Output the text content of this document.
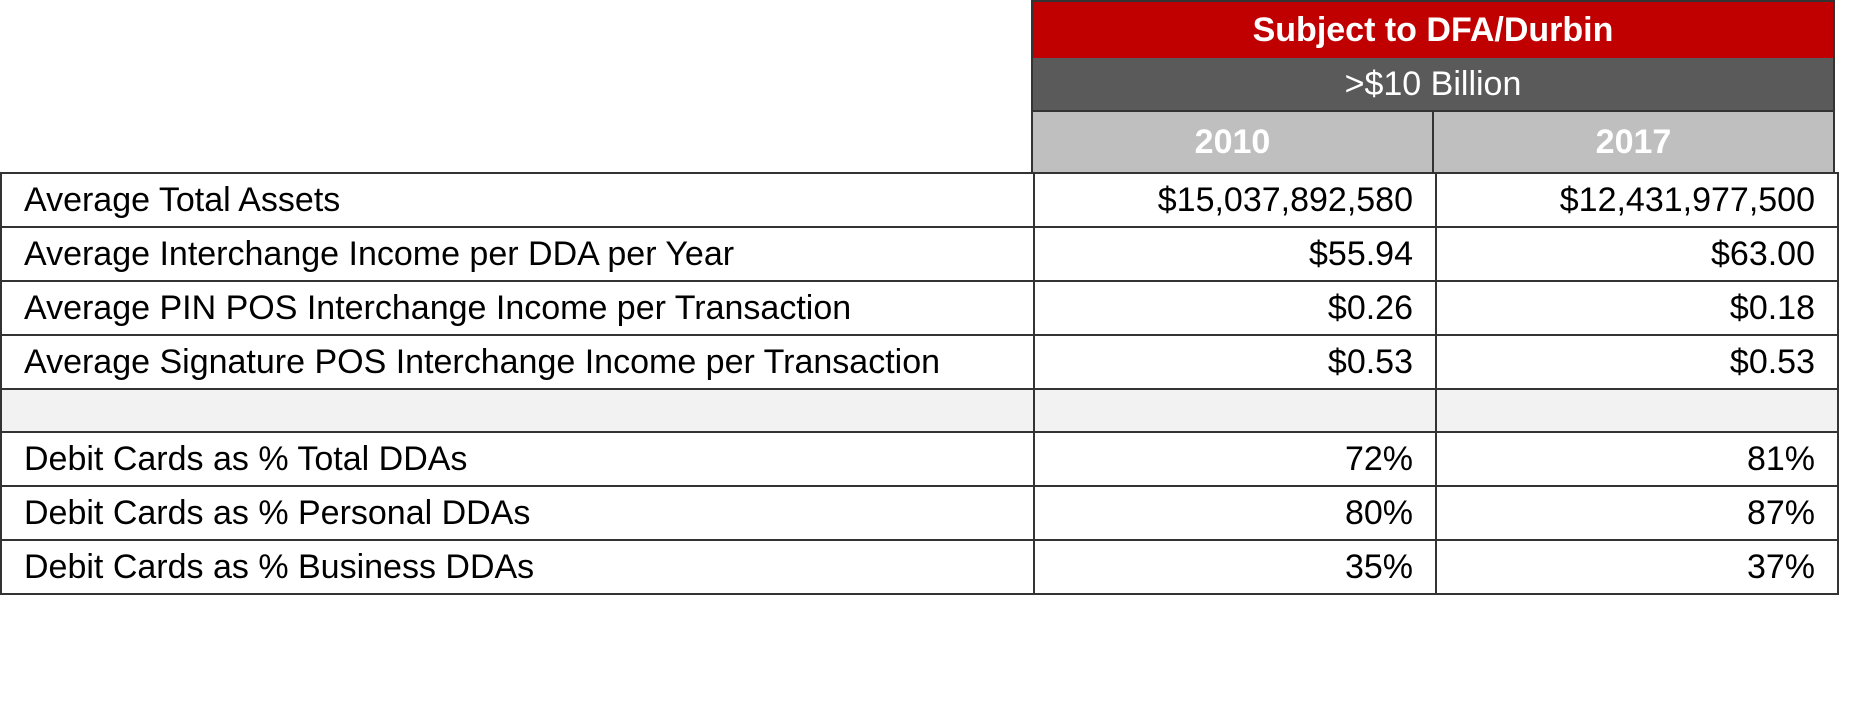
Subject to DFA/Durbin
>$10 Billion
2010	2017
Average Total Assets	$15,037,892,580	$12,431,977,500
Average Interchange Income per DDA per Year	$55.94	$63.00
Average PIN POS Interchange Income per Transaction	$0.26	$0.18
Average Signature POS Interchange Income per Transaction	$0.53	$0.53

Debit Cards as % Total DDAs	72%	81%
Debit Cards as % Personal DDAs	80%	87%
Debit Cards as % Business DDAs	35%	37%
